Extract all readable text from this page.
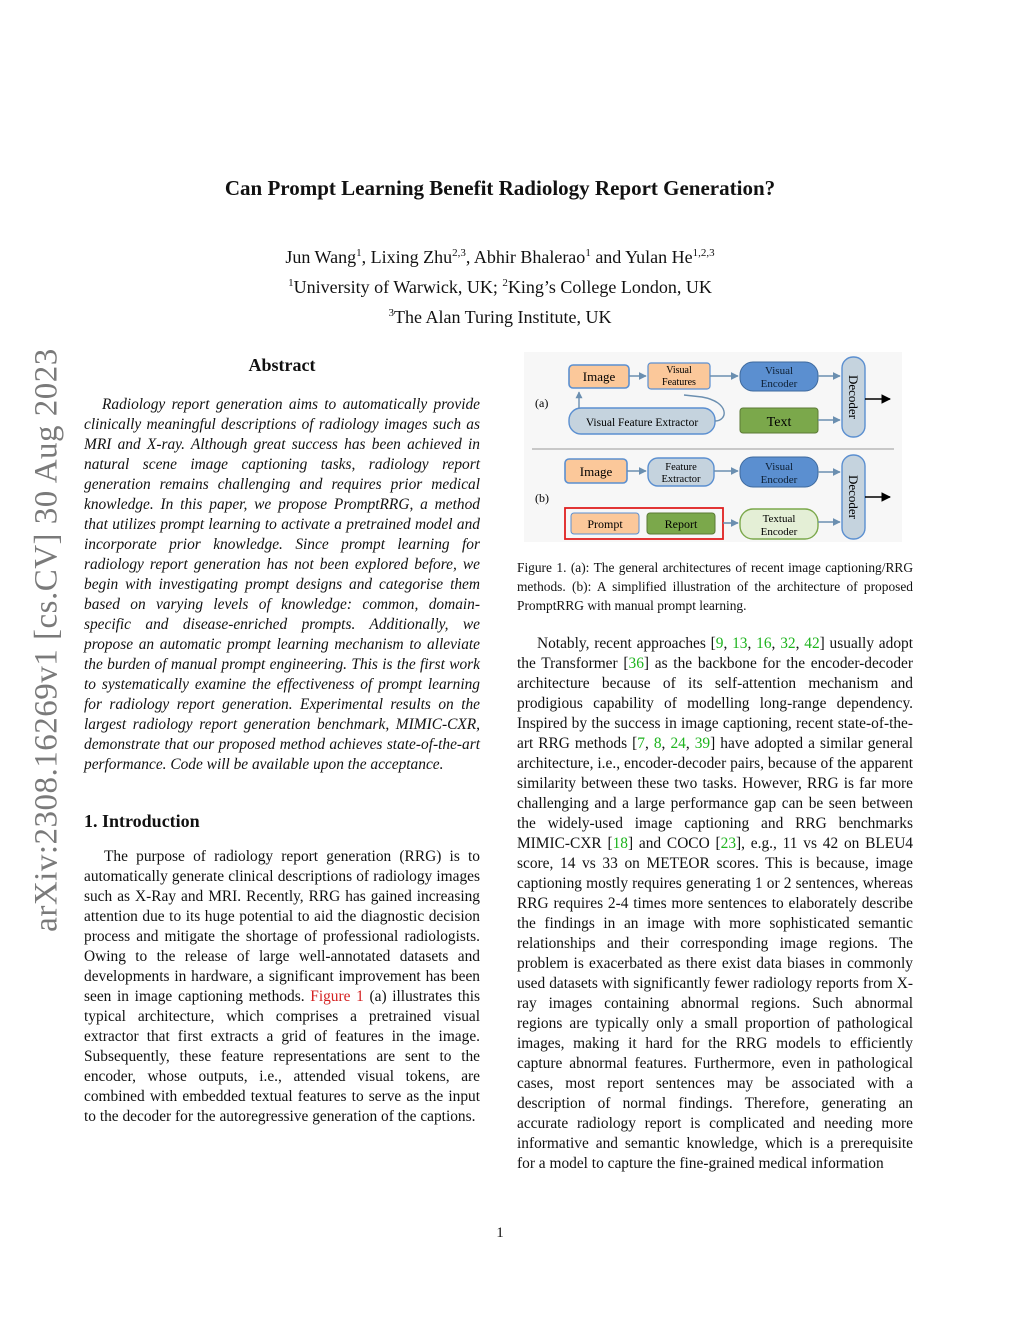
arXiv:2308.16269v1 [cs.CV] 30 Aug 2023
Can Prompt Learning Benefit Radiology Report Generation?
Jun Wang$^1$, Lixing Zhu$^{2,3}$, Abhir Bhalerao$^1$ and Yulan He$^{1,2,3}$
$^1$University of Warwick, UK; $^2$King’s College London, UK
$^3$The Alan Turing Institute, UK
Abstract

Radiology report generation aims to automatically provide clinically meaningful descriptions of radiology images such as MRI and X-ray. Although great success has been achieved in natural scene image captioning tasks, radiology report generation remains challenging and requires prior medical knowledge. In this paper, we propose PromptRRG, a method that utilizes prompt learning to activate a pretrained model and incorporate prior knowledge. Since prompt learning for radiology report generation has not been explored before, we begin with investigating prompt designs and categorise them based on varying levels of knowledge: common, domain-specific and disease-enriched prompts. Additionally, we propose an automatic prompt learning mechanism to alleviate the burden of manual prompt engineering. This is the first work to systematically examine the effectiveness of prompt learning for radiology report generation. Experimental results on the largest radiology report generation benchmark, MIMIC-CXR, demonstrate that our proposed method achieves state-of-the-art performance. Code will be available upon the acceptance.

1. Introduction

The purpose of radiology report generation (RRG) is to automatically generate clinical descriptions of radiology images such as X-Ray and MRI. Recently, RRG has gained increasing attention due to its huge potential to aid the diagnostic decision process and mitigate the shortage of professional radiologists. Owing to the release of large well-annotated datasets and developments in hardware, a significant improvement has been seen in image captioning methods. Figure 1 (a) illustrates this typical architecture, which comprises a pretrained visual extractor that first extracts a grid of features in the image. Subsequently, these feature representations are sent to the encoder, whose outputs, i.e., attended visual tokens, are combined with embedded textual features to serve as the input to the decoder for the autoregressive generation of the captions.

(a)
Image	Visual
Features
Visual
Encoder
Visual Feature Extractor	Text
Decoder
(b)
Image	Feature
Extractor
Visual
Encoder
Prompt	Report	Textual
Encoder
Decoder

Figure 1. (a): The general architectures of recent image captioning/RRG methods. (b): A simplified illustration of the architecture of proposed PromptRRG with manual prompt learning.

Notably, recent approaches [9, 13, 16, 32, 42] usually adopt the Transformer [36] as the backbone for the encoder-decoder architecture because of its self-attention mechanism and prodigious capability of modelling long-range dependency. Inspired by the success in image captioning, recent state-of-the-art RRG methods [7, 8, 24, 39] have adopted a similar general architecture, i.e., encoder-decoder pairs, because of the apparent similarity between these two tasks. However, RRG is far more challenging and a large performance gap can be seen between the widely-used image captioning and RRG benchmarks MIMIC-CXR [18] and COCO [23], e.g., 11 vs 42 on BLEU4 score, 14 vs 33 on METEOR scores. This is because, image captioning mostly requires generating 1 or 2 sentences, whereas RRG requires 2-4 times more sentences to elaborately describe the findings in an image with more sophisticated semantic relationships and their corresponding image regions. The problem is exacerbated as there exist data biases in commonly used datasets with significantly fewer radiology reports from X-ray images containing abnormal regions. Such abnormal regions are typically only a small proportion of pathological images, making it hard for the RRG models to efficiently capture abnormal features. Furthermore, even in pathological cases, most report sentences may be associated with a description of normal findings. Therefore, generating an accurate radiology report is complicated and needing more informative and semantic knowledge, which is a prerequisite for a model to capture the fine-grained medical information

1
